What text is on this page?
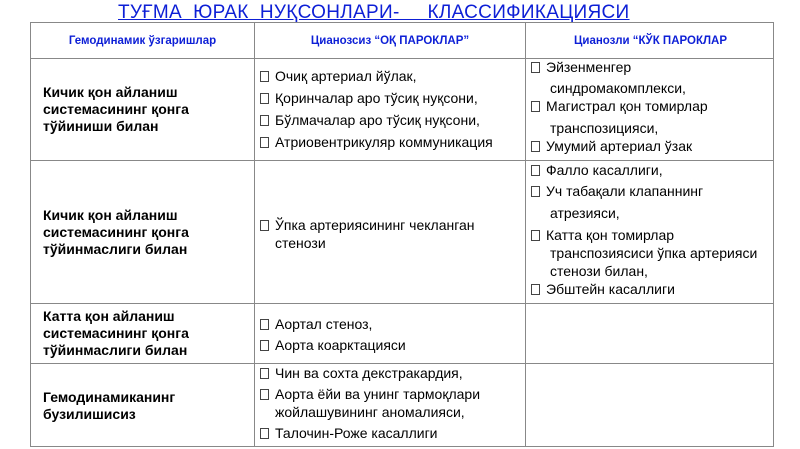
ТУҒМА  ЮРАК  НУҚСОНЛАРИ-     КЛАССИФИКАЦИЯСИ
Гемодинамик ўзгаришлар	Цианозсиз “ОҚ ПАРОКЛАР”	Цианозли “КЎК ПАРОКЛАР
Кичик қон айланиш системасининг қонга тўйиниши билан
Очиқ артериал йўлак,
Қоринчалар аро тўсиқ нуқсони,
Бўлмачалар аро тўсиқ нуқсони,
Атриовентрикуляр коммуникация
Эйзенменгер
синдромакомплекси,
Магистрал қон томирлар
транспозицияси,
Умумий артериал ўзак
Кичик қон айланиш системасининг қонга тўйинмаслиги билан
Ўпка артериясининг чекланган
стенози
Фалло касаллиги,
Уч табақали клапаннинг
атрезияси,
Катта қон томирлар
транспозиясиси ўпка артерияси
стенози билан,
Эбштейн касаллиги
Катта қон айланиш системасининг қонга тўйинмаслиги билан
Аортал стеноз,
Аорта коарктацияси
Гемодинамиканинг бузилишисиз
Чин ва сохта декстракардия,
Аорта ёйи ва унинг тармоқлари
жойлашувининг аномалияси,
Талочин-Роже касаллиги
